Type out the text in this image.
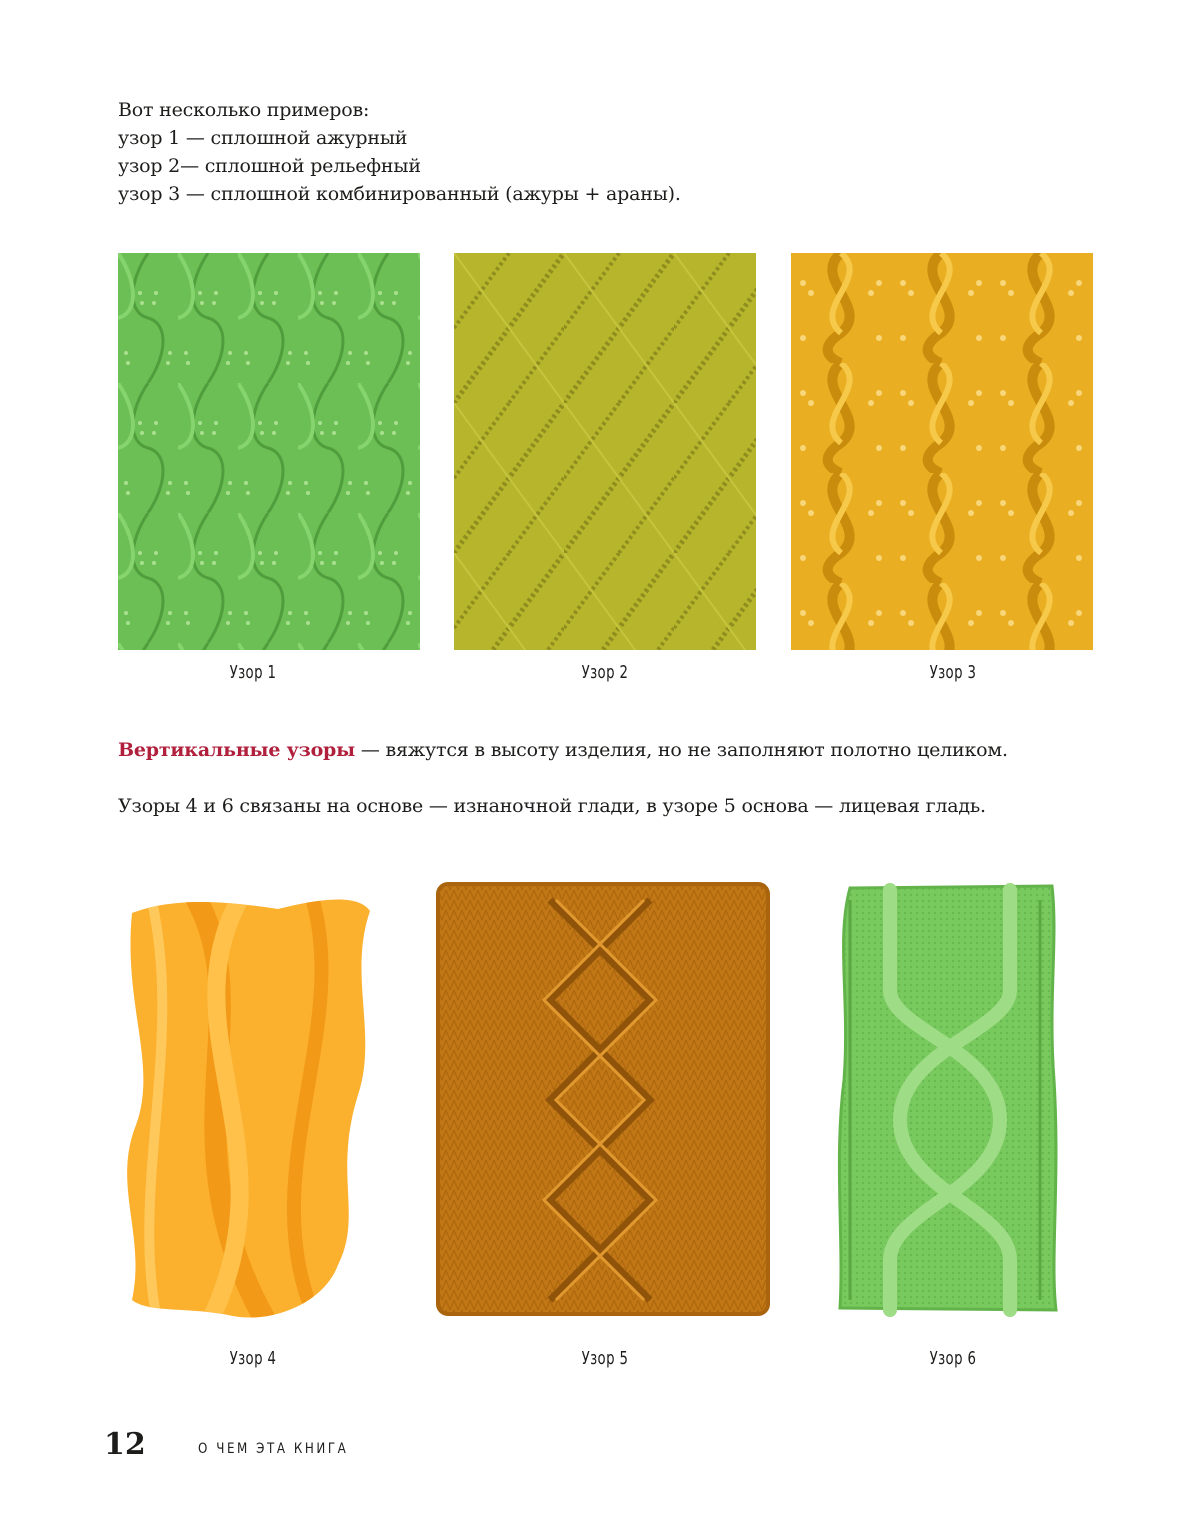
Вот несколько примеров:
узор 1 — сплошной ажурный
узор 2— сплошной рельефный
узор 3 — сплошной комбинированный (ажуры + араны).
Узор 1	Узор 2	Узор 3
Вертикальные узоры — вяжутся в высоту изделия, но не заполняют полотно целиком.
Узоры 4 и 6 связаны на основе — изнаночной глади, в узоре 5 основа — лицевая гладь.
Узор 4	Узор 5	Узор 6
12	О ЧЕМ ЭТА КНИГА
